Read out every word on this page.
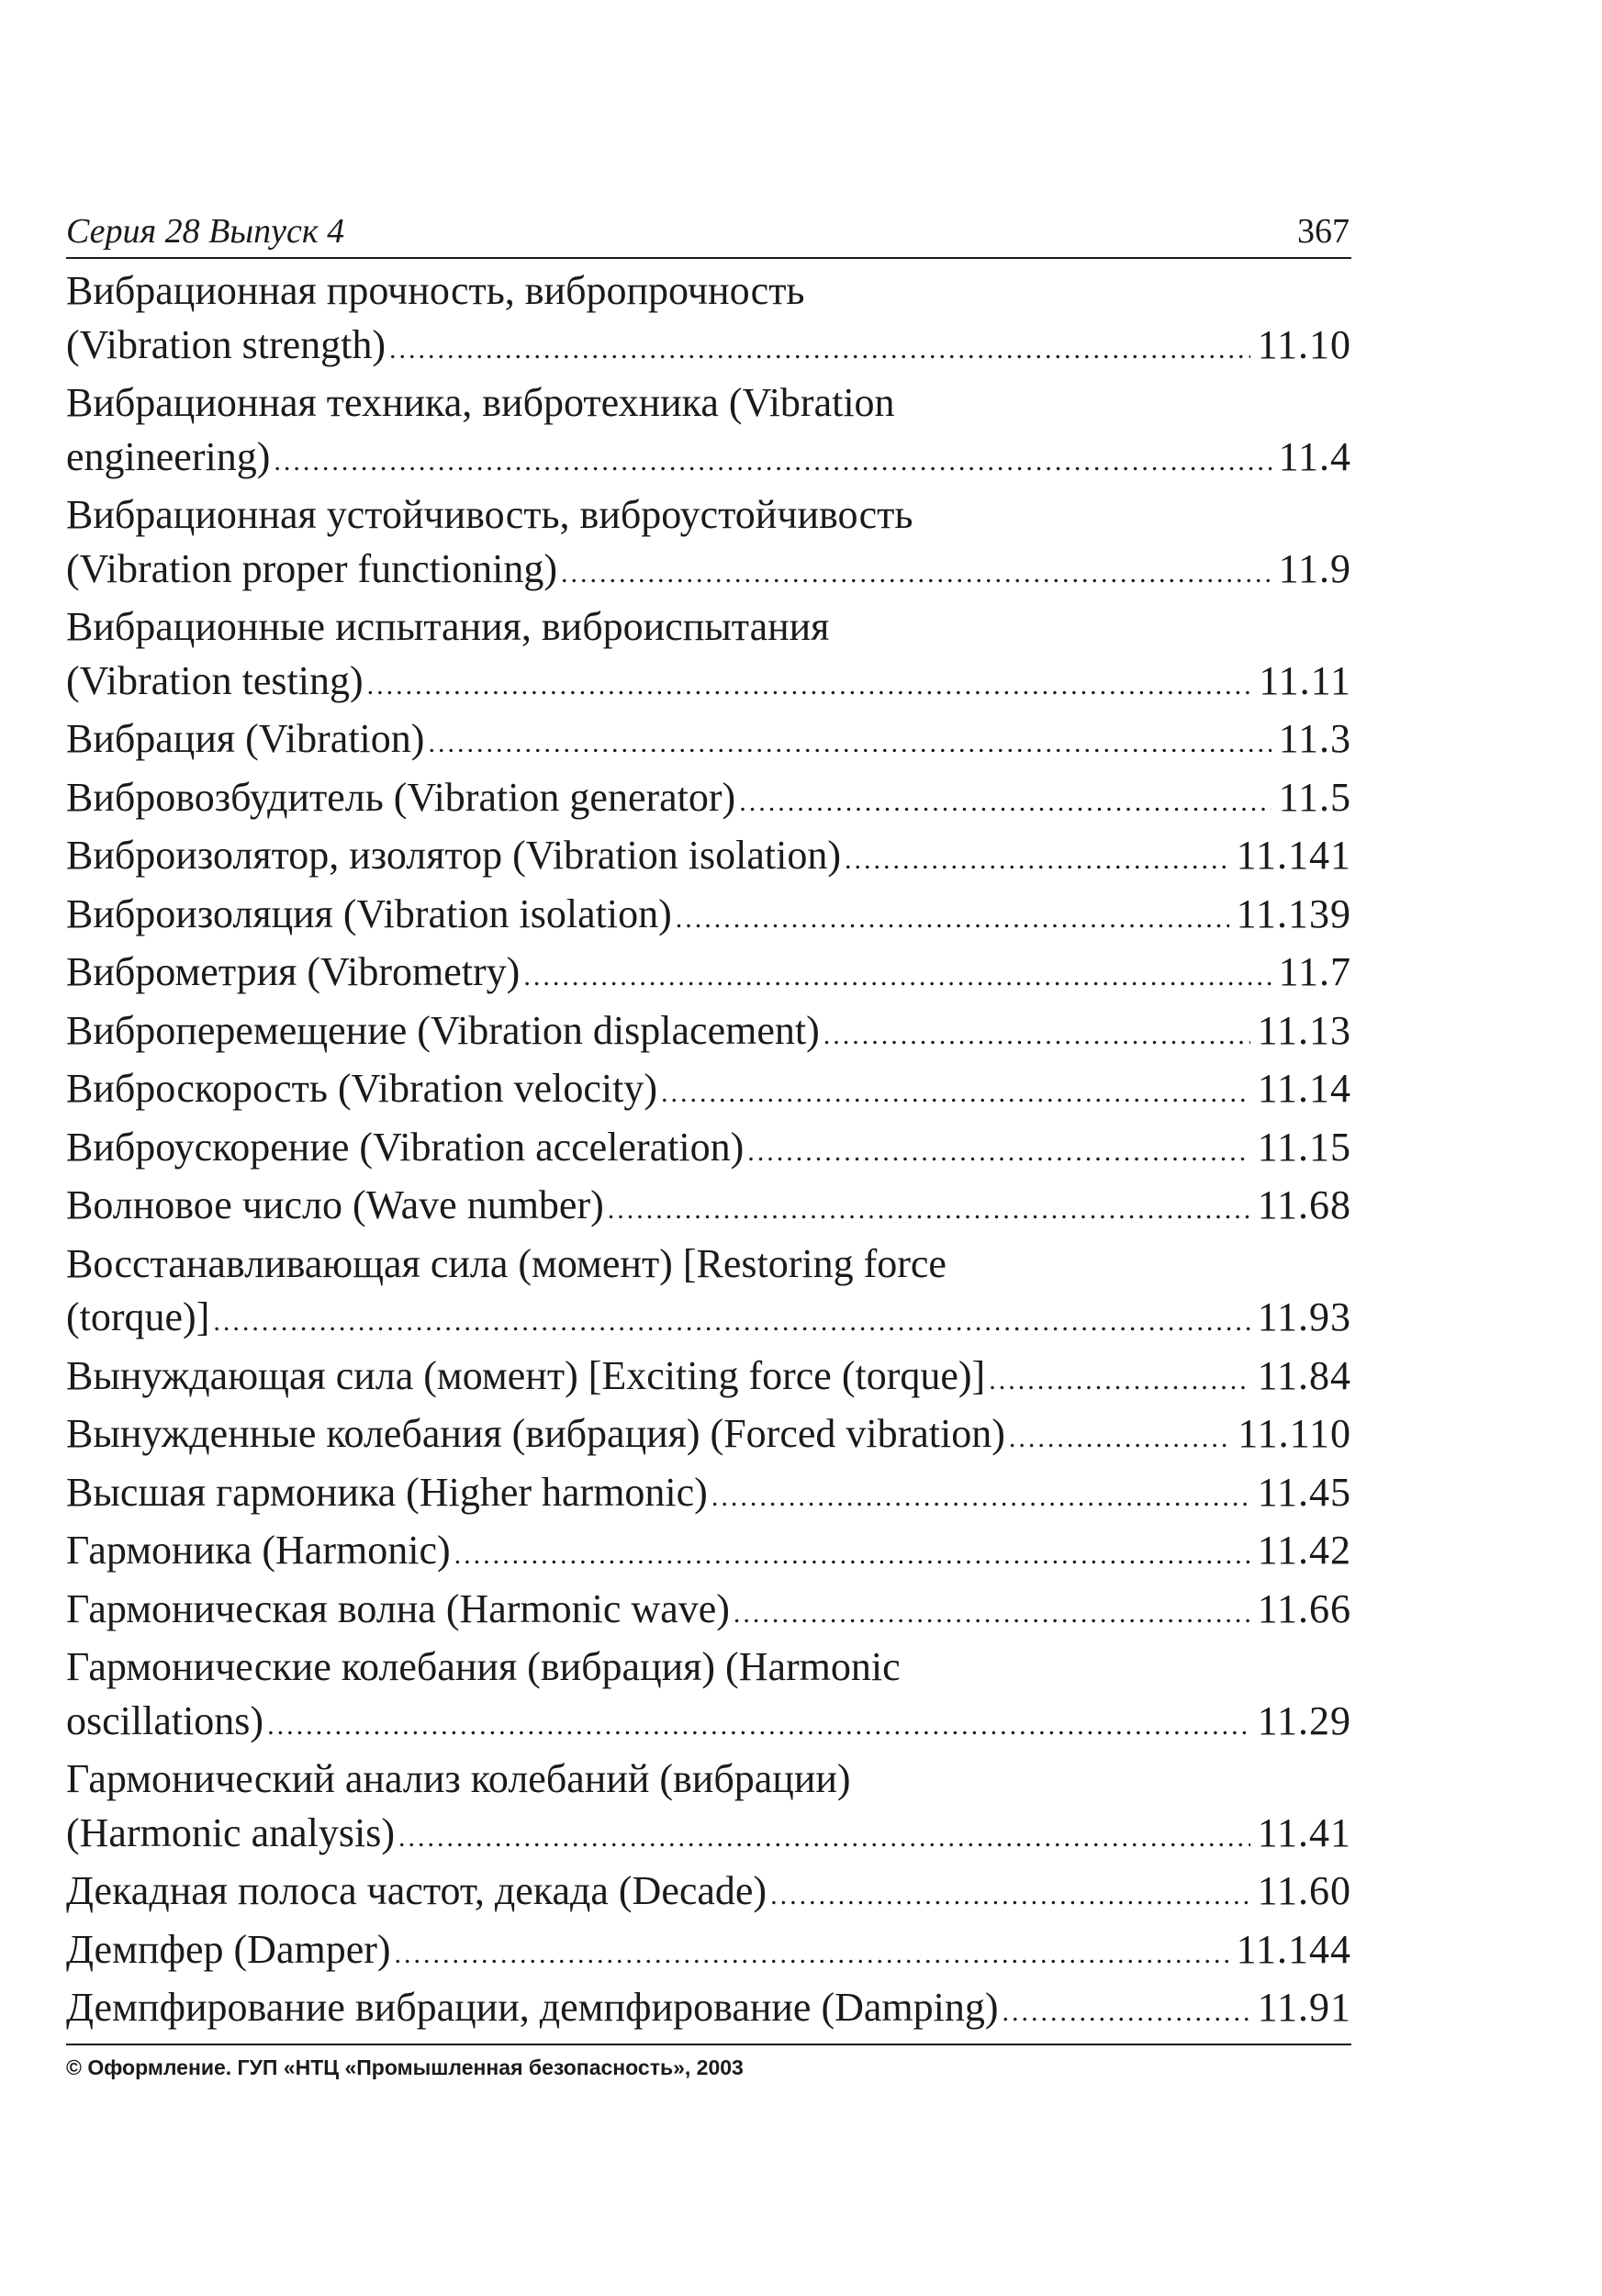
Серия 28 Выпуск 4	367
Вибрационная прочность, вибропрочность
(Vibration strength) .....	11.10
Вибрационная техника, вибротехника (Vibration
engineering) .....	11.4
Вибрационная устойчивость, виброустойчивость
(Vibration proper functioning) .....	11.9
Вибрационные испытания, виброиспытания
(Vibration testing) .....	11.11
Вибрация (Vibration) .....	11.3
Вибровозбудитель (Vibration generator) .....	11.5
Виброизолятор, изолятор (Vibration isolation) .....	11.141
Виброизоляция (Vibration isolation) .....	11.139
Виброметрия (Vibrometry) .....	11.7
Виброперемещение (Vibration displacement) .....	11.13
Виброскорость (Vibration velocity) .....	11.14
Виброускорение (Vibration acceleration) .....	11.15
Волновое число (Wave number) .....	11.68
Восстанавливающая сила (момент) [Restoring force
(torque)] .....	11.93
Вынуждающая сила (момент) [Exciting force (torque)] .....	11.84
Вынужденные колебания (вибрация) (Forced vibration) .....	11.110
Высшая гармоника (Higher harmonic) .....	11.45
Гармоника (Harmonic) .....	11.42
Гармоническая волна (Harmonic wave) .....	11.66
Гармонические колебания (вибрация) (Harmonic
oscillations) .....	11.29
Гармонический анализ колебаний (вибрации)
(Harmonic analysis) .....	11.41
Декадная полоса частот, декада (Decade) .....	11.60
Демпфер (Damper) .....	11.144
Демпфирование вибрации, демпфирование (Damping) .....	11.91
© Оформление. ГУП «НТЦ «Промышленная безопасность», 2003
